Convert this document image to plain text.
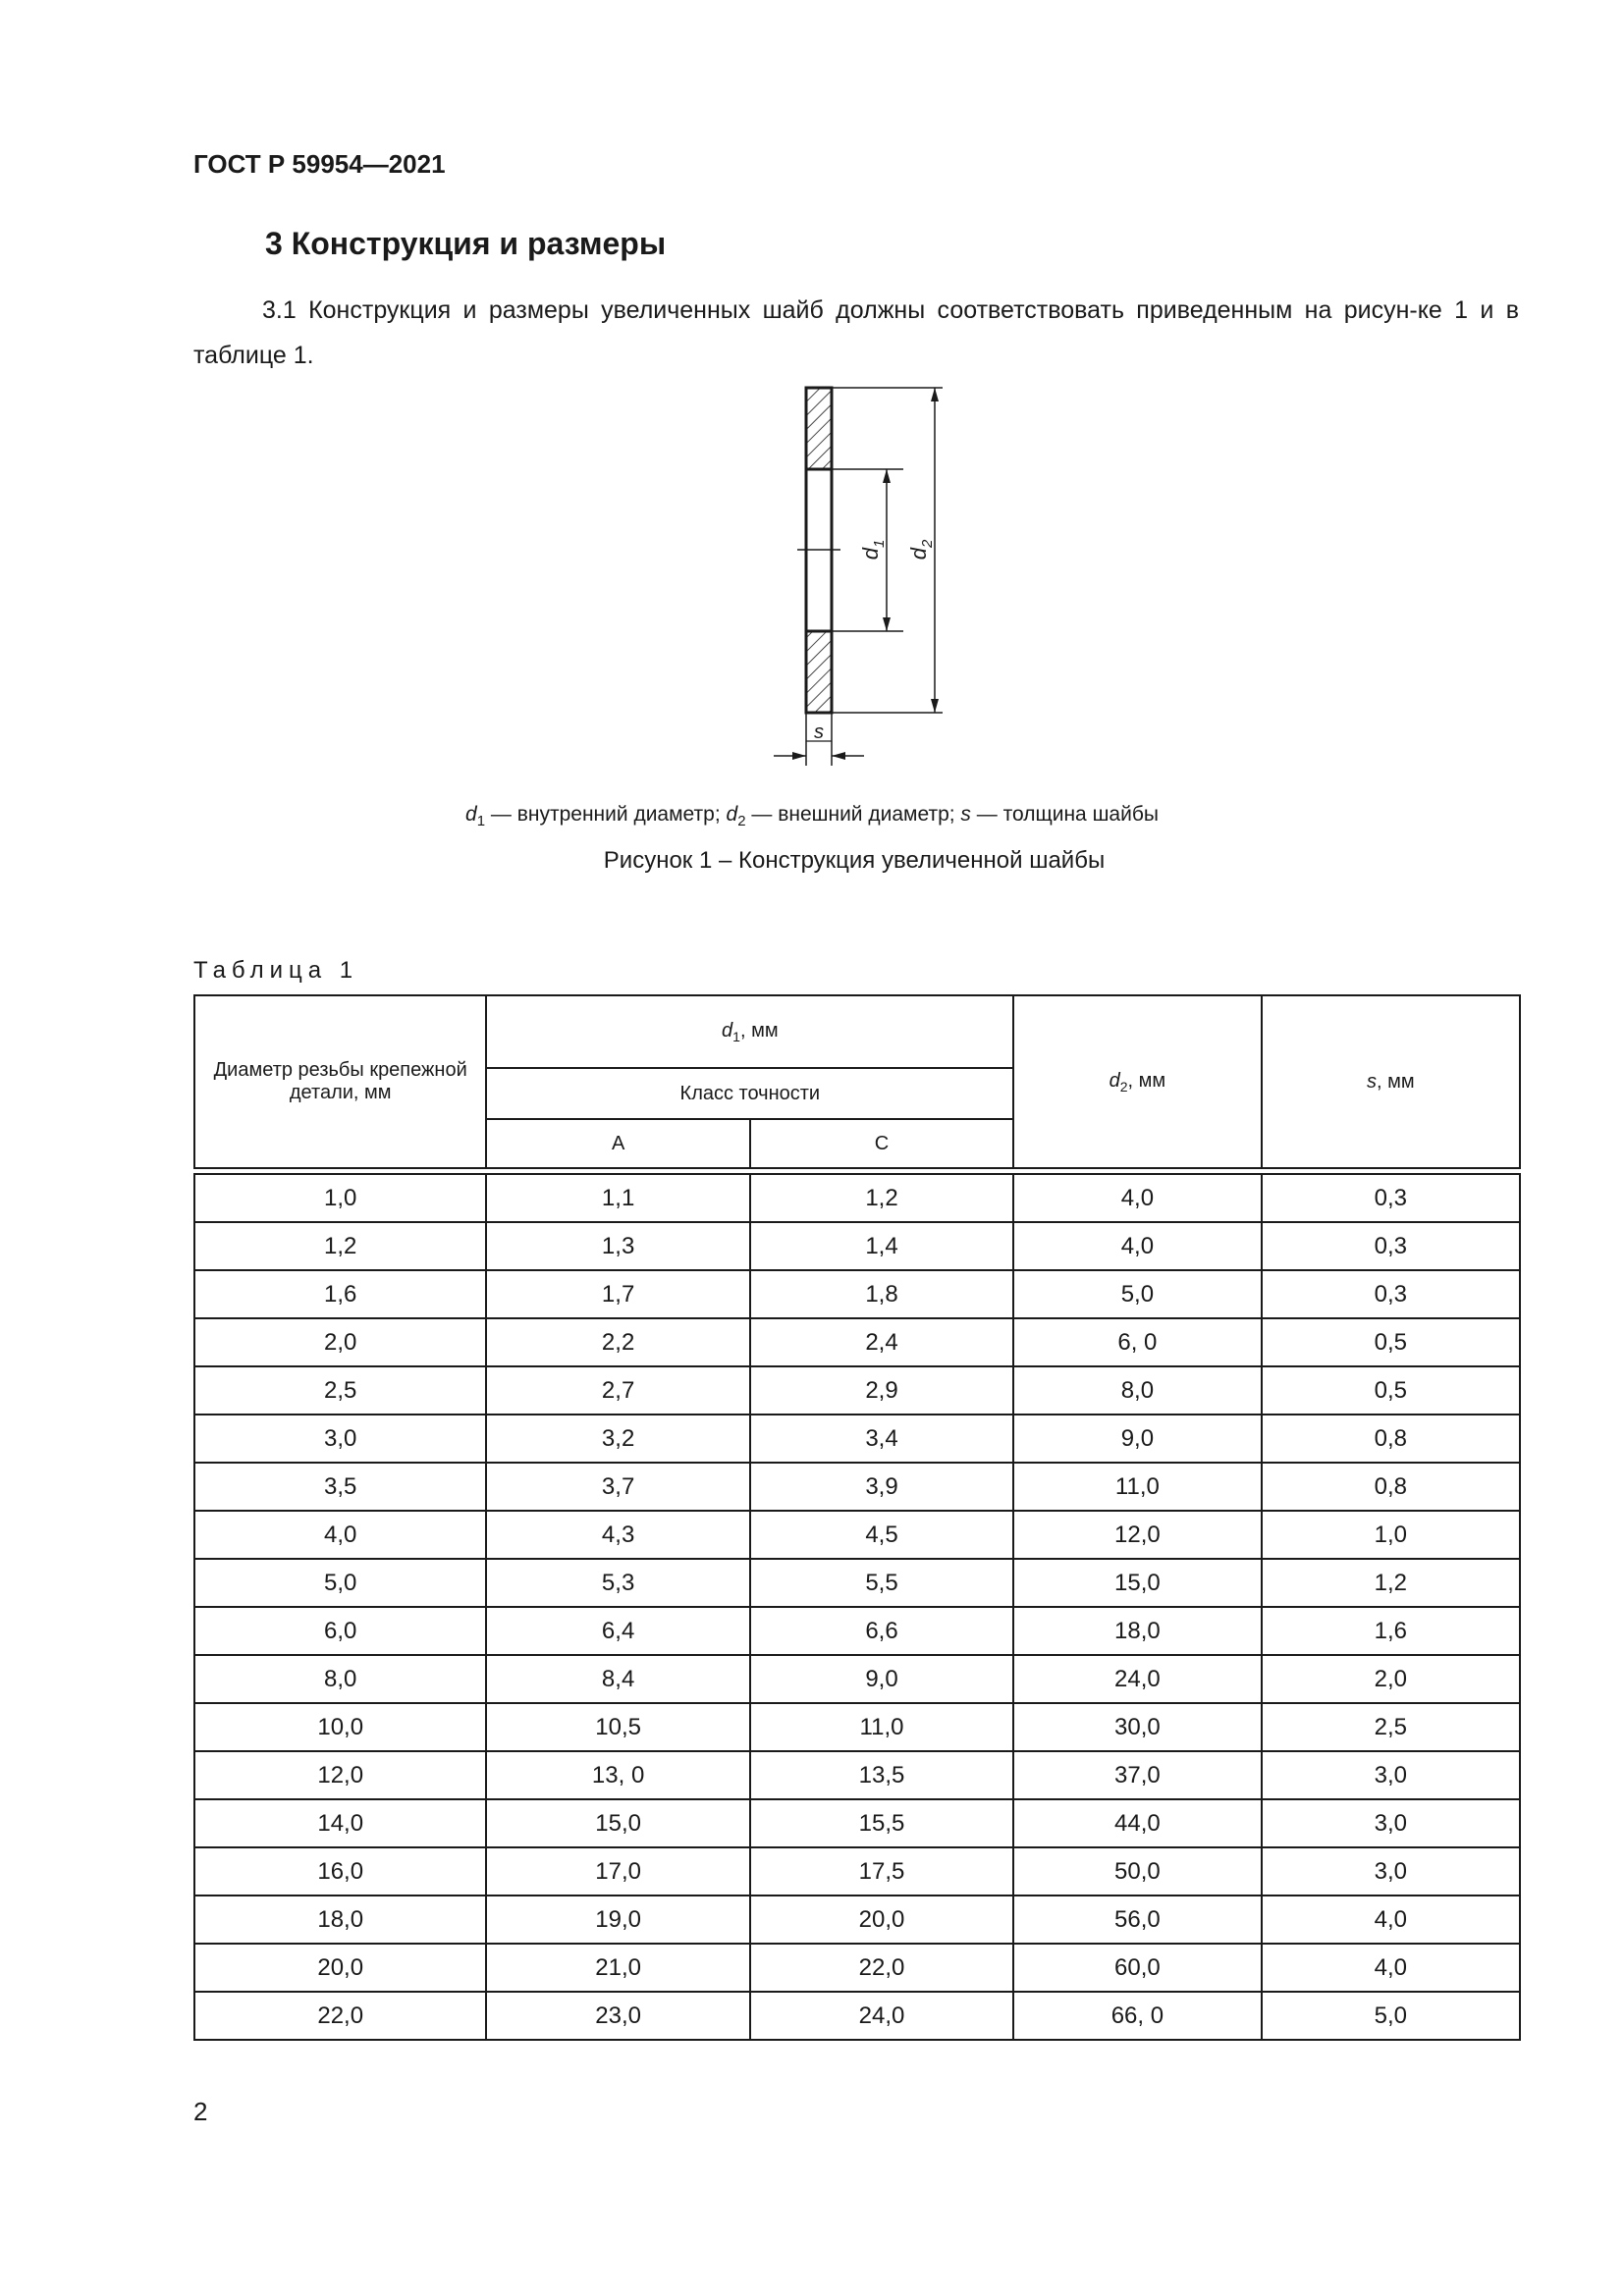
ГОСТ Р 59954—2021
3 Конструкция и размеры
3.1 Конструкция и размеры увеличенных шайб должны соответствовать приведенным на рисун-ке 1 и в таблице 1.
$d_1$
$d_2$
s
$d_1$ — внутренний диаметр; $d_2$ — внешний диаметр; s — толщина шайбы
Рисунок 1 – Конструкция увеличенной шайбы
Таблица 1
Диаметр резьбы крепежной детали, мм	$d_1$, мм		$d_2$, мм	s, мм
	Класс точности			
	А	С		

1,0	1,1	1,2	4,0	0,3
1,2	1,3	1,4	4,0	0,3
1,6	1,7	1,8	5,0	0,3
2,0	2,2	2,4	6, 0	0,5
2,5	2,7	2,9	8,0	0,5
3,0	3,2	3,4	9,0	0,8
3,5	3,7	3,9	11,0	0,8
4,0	4,3	4,5	12,0	1,0
5,0	5,3	5,5	15,0	1,2
6,0	6,4	6,6	18,0	1,6
8,0	8,4	9,0	24,0	2,0
10,0	10,5	11,0	30,0	2,5
12,0	13, 0	13,5	37,0	3,0
14,0	15,0	15,5	44,0	3,0
16,0	17,0	17,5	50,0	3,0
18,0	19,0	20,0	56,0	4,0
20,0	21,0	22,0	60,0	4,0
22,0	23,0	24,0	66, 0	5,0
2
